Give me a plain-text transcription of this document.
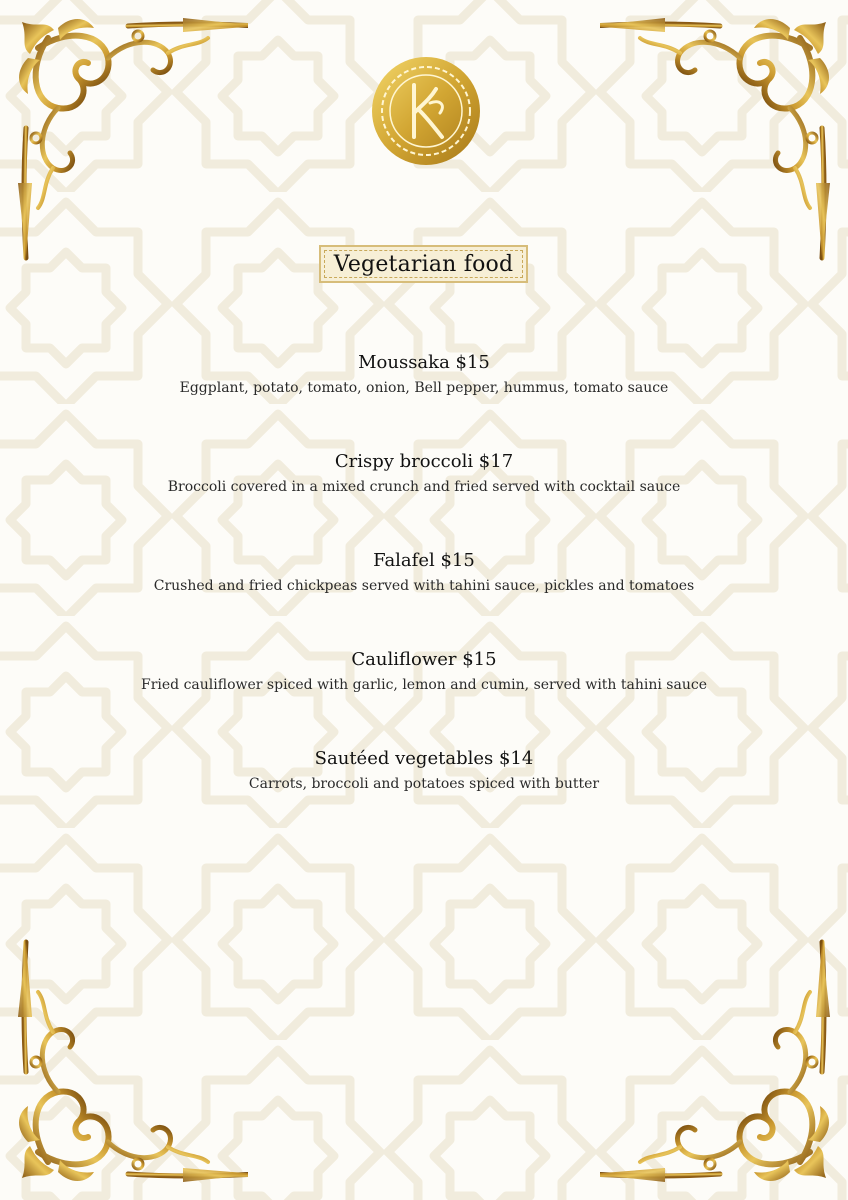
Vegetarian food
Moussaka $15
Eggplant, potato, tomato, onion, Bell pepper, hummus, tomato sauce
Crispy broccoli $17
Broccoli covered in a mixed crunch and fried served with cocktail sauce
Falafel $15
Crushed and fried chickpeas served with tahini sauce, pickles and tomatoes
Cauliflower $15
Fried cauliflower spiced with garlic, lemon and cumin, served with tahini sauce
Sautéed vegetables $14
Carrots, broccoli and potatoes spiced with butter
